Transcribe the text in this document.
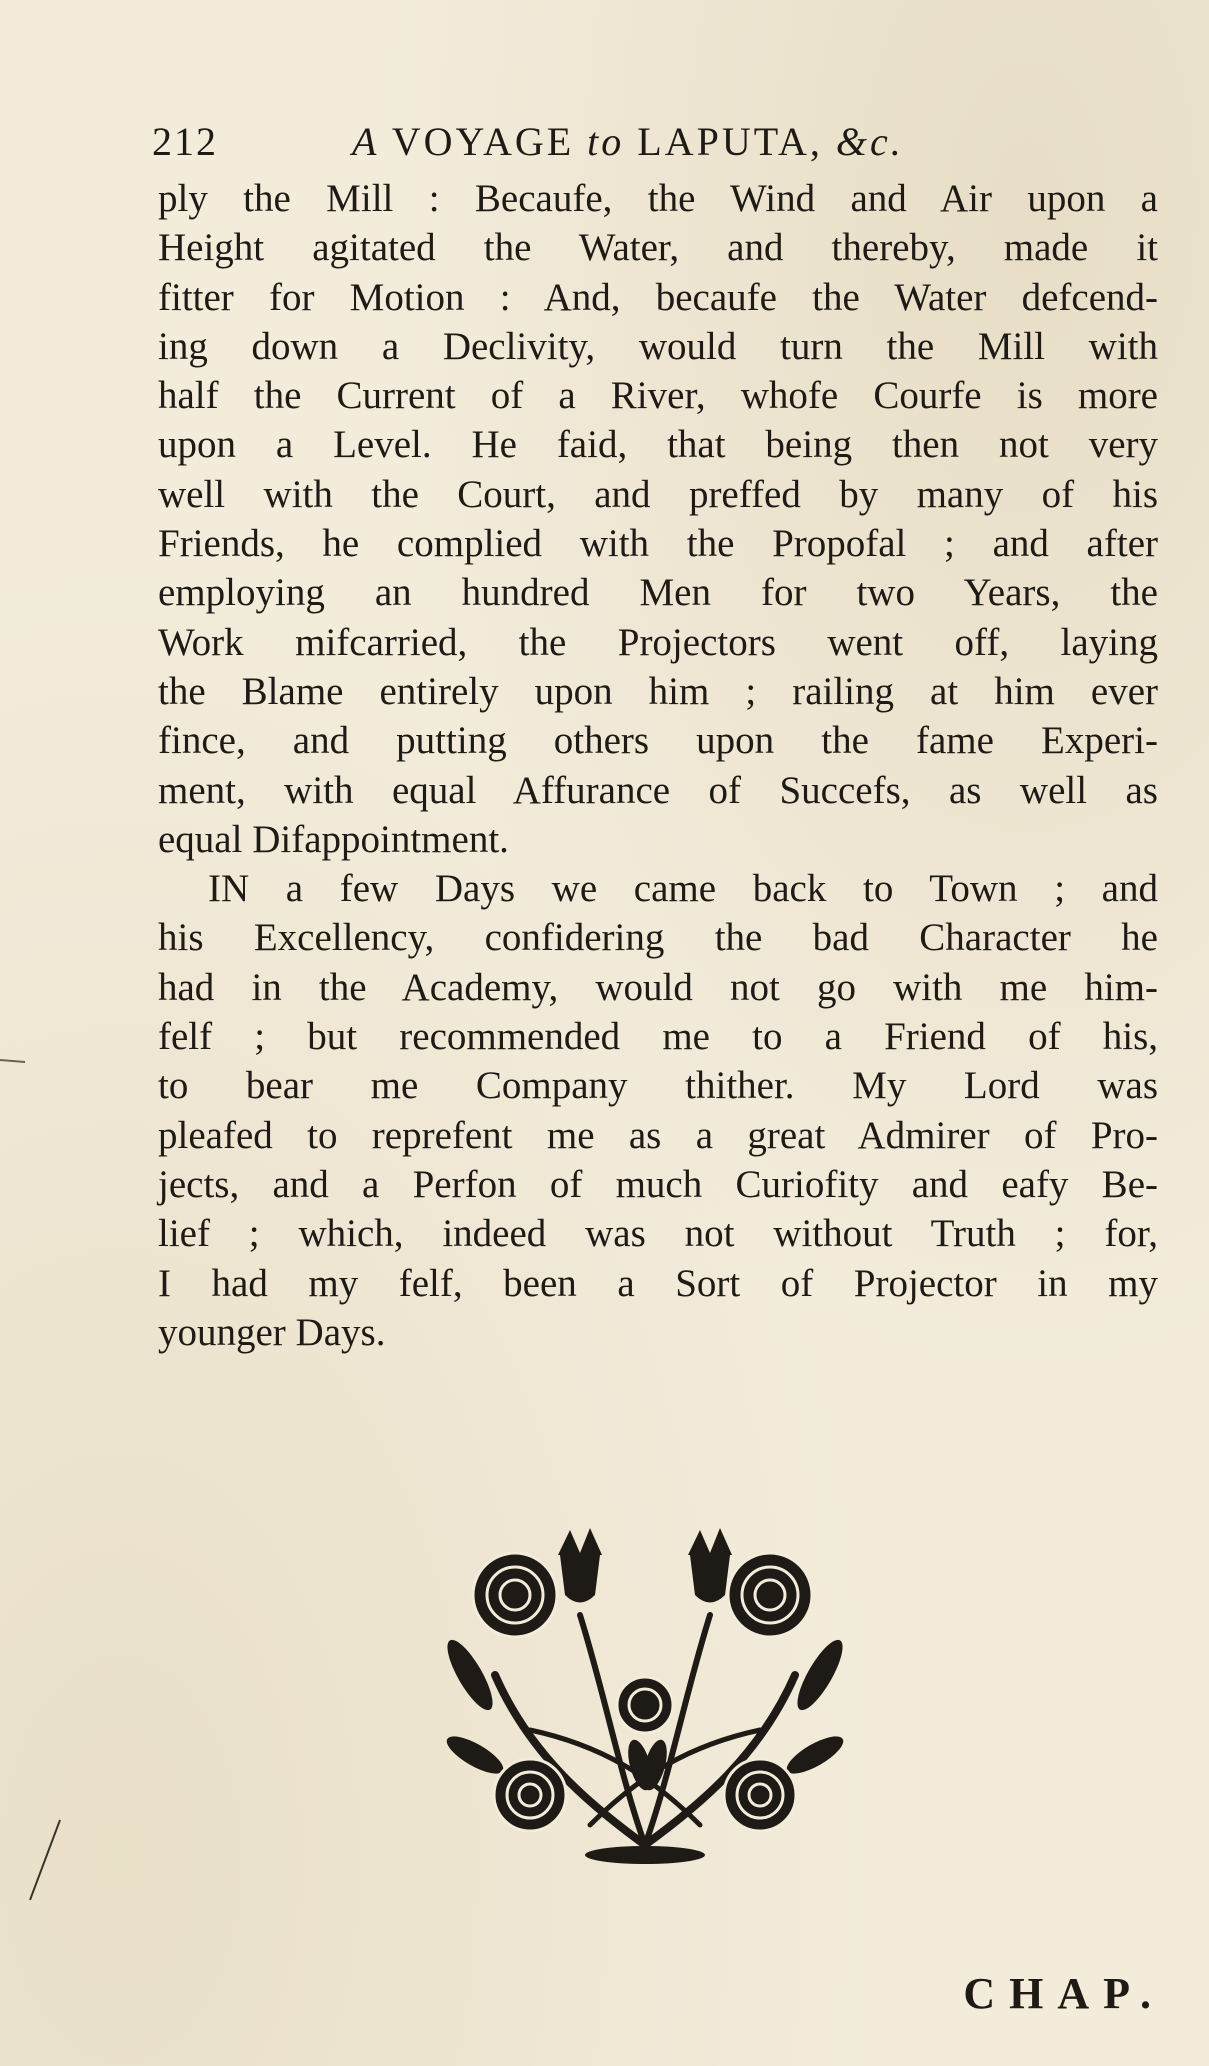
212	A VOYAGE to LAPUTA, &c.
ply the Mill : Becaufe, the Wind and Air upon a
Height agitated the Water, and thereby, made it
fitter for Motion : And, becaufe the Water defcend-
ing down a Declivity, would turn the Mill with
half the Current of a River, whofe Courfe is more
upon a Level. He faid, that being then not very
well with the Court, and preffed by many of his
Friends, he complied with the Propofal ; and after
employing an hundred Men for two Years, the
Work mifcarried, the Projectors went off, laying
the Blame entirely upon him ; railing at him ever
fince, and putting others upon the fame Experi-
ment, with equal Affurance of Succefs, as well as
equal Difappointment.
IN a few Days we came back to Town ; and
his Excellency, confidering the bad Character he
had in the Academy, would not go with me him-
felf ; but recommended me to a Friend of his,
to bear me Company thither. My Lord was
pleafed to reprefent me as a great Admirer of Pro-
jects, and a Perfon of much Curiofity and eafy Be-
lief ; which, indeed was not without Truth ; for,
I had my felf, been a Sort of Projector in my
younger Days.
CHAP.
